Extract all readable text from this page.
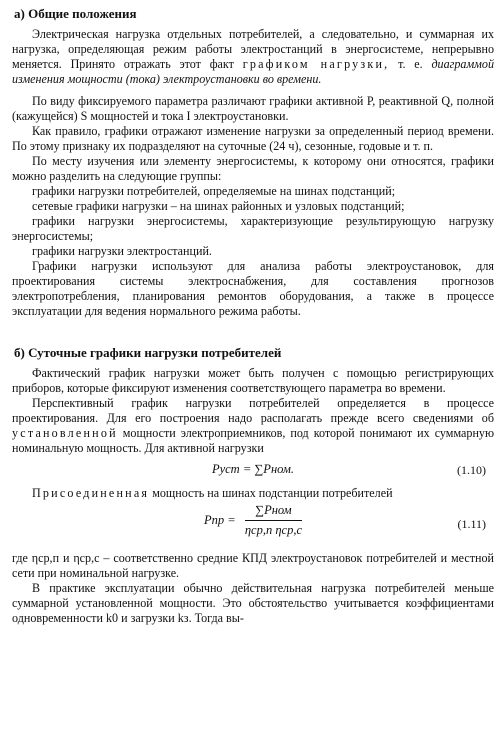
а) Общие положения

Электрическая нагрузка отдельных потребителей, а следовательно, и суммарная их нагрузка, определяющая режим работы электростанций в энергосистеме, непрерывно меняется. Принято отражать этот факт графиком нагрузки, т. е. диаграммой изменения мощности (тока) электроустановки во времени.

По виду фиксируемого параметра различают графики активной P, реактивной Q, полной (кажущейся) S мощностей и тока I электроустановки.

Как правило, графики отражают изменение нагрузки за определенный период времени. По этому признаку их подразделяют на суточные (24 ч), сезонные, годовые и т. п.

По месту изучения или элементу энергосистемы, к которому они относятся, графики можно разделить на следующие группы:

графики нагрузки потребителей, определяемые на шинах подстанций;

сетевые графики нагрузки – на шинах районных и узловых подстанций;

графики нагрузки энергосистемы, характеризующие результирующую нагрузку энергосистемы;

графики нагрузки электростанций.

Графики нагрузки используют для анализа работы электроустановок, для проектирования системы электроснабжения, для составления прогнозов электропотребления, планирования ремонтов оборудования, а также в процессе эксплуатации для ведения нормального режима работы.

б) Суточные графики нагрузки потребителей

Фактический график нагрузки может быть получен с помощью регистрирующих приборов, которые фиксируют изменения соответствующего параметра во времени.

Перспективный график нагрузки потребителей определяется в процессе проектирования. Для его построения надо располагать прежде всего сведениями об установленной мощности электроприемников, под которой понимают их суммарную номинальную мощность. Для активной нагрузки

Pуст = ∑Pном.	(1.10)

Присоединенная мощность на шинах подстанции потребителей

Pпр = $\frac{\text{∑Pном}}{\text{ηср,п ηср,с}}$	(1.11)

где ηср,п и ηср,с – соответственно средние КПД электроустановок потребителей и местной сети при номинальной нагрузке.

В практике эксплуатации обычно действительная нагрузка потребителей меньше суммарной установленной мощности. Это обстоятельство учитывается коэффициентами одновременности k0 и загрузки kз. Тогда вы-
